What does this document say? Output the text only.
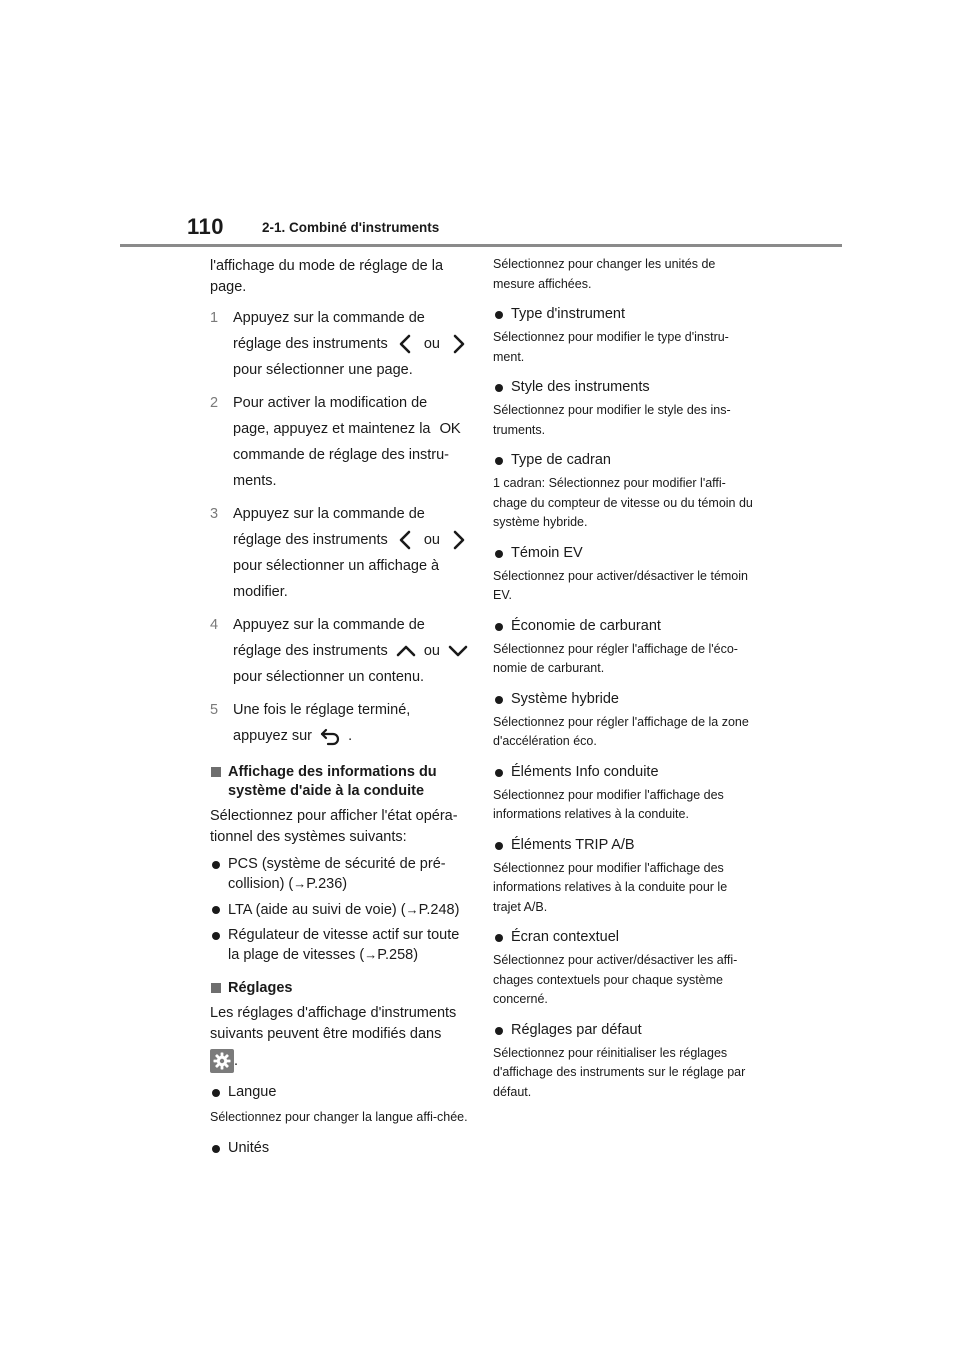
110	2-1. Combiné d'instruments

l'affichage du mode de réglage de la page.

1 Appuyez sur la commande de
réglage des instruments ou
pour sélectionner une page.
2 Pour activer la modification de
page, appuyez et maintenez la OK
commande de réglage des instru-
ments.
3 Appuyez sur la commande de
réglage des instruments ou
pour sélectionner un affichage à
modifier.
4 Appuyez sur la commande de
réglage des instruments ou
pour sélectionner un contenu.
5 Une fois le réglage terminé,
appuyez sur .
Affichage des informations du système d'aide à la conduite

Sélectionnez pour afficher l'état opéra-tionnel des systèmes suivants:

PCS (système de sécurité de pré-collision) (→P.236)
LTA (aide au suivi de voie) (→P.248)
Régulateur de vitesse actif sur toute la plage de vitesses (→P.258)
Réglages

Les réglages d'affichage d'instruments suivants peuvent être modifiés dans

.
Langue

Sélectionnez pour changer la langue affi-chée.

Unités

Sélectionnez pour changer les unités de mesure affichées.

Type d'instrument

Sélectionnez pour modifier le type d'instru-ment.

Style des instruments

Sélectionnez pour modifier le style des ins-truments.

Type de cadran

1 cadran: Sélectionnez pour modifier l'affi-chage du compteur de vitesse ou du témoin du système hybride.

Témoin EV

Sélectionnez pour activer/désactiver le témoin EV.

Économie de carburant

Sélectionnez pour régler l'affichage de l'éco-nomie de carburant.

Système hybride

Sélectionnez pour régler l'affichage de la zone d'accélération éco.

Éléments Info conduite

Sélectionnez pour modifier l'affichage des informations relatives à la conduite.

Éléments TRIP A/B

Sélectionnez pour modifier l'affichage des informations relatives à la conduite pour le trajet A/B.

Écran contextuel

Sélectionnez pour activer/désactiver les affi-chages contextuels pour chaque système concerné.

Réglages par défaut

Sélectionnez pour réinitialiser les réglages d'affichage des instruments sur le réglage par défaut.
